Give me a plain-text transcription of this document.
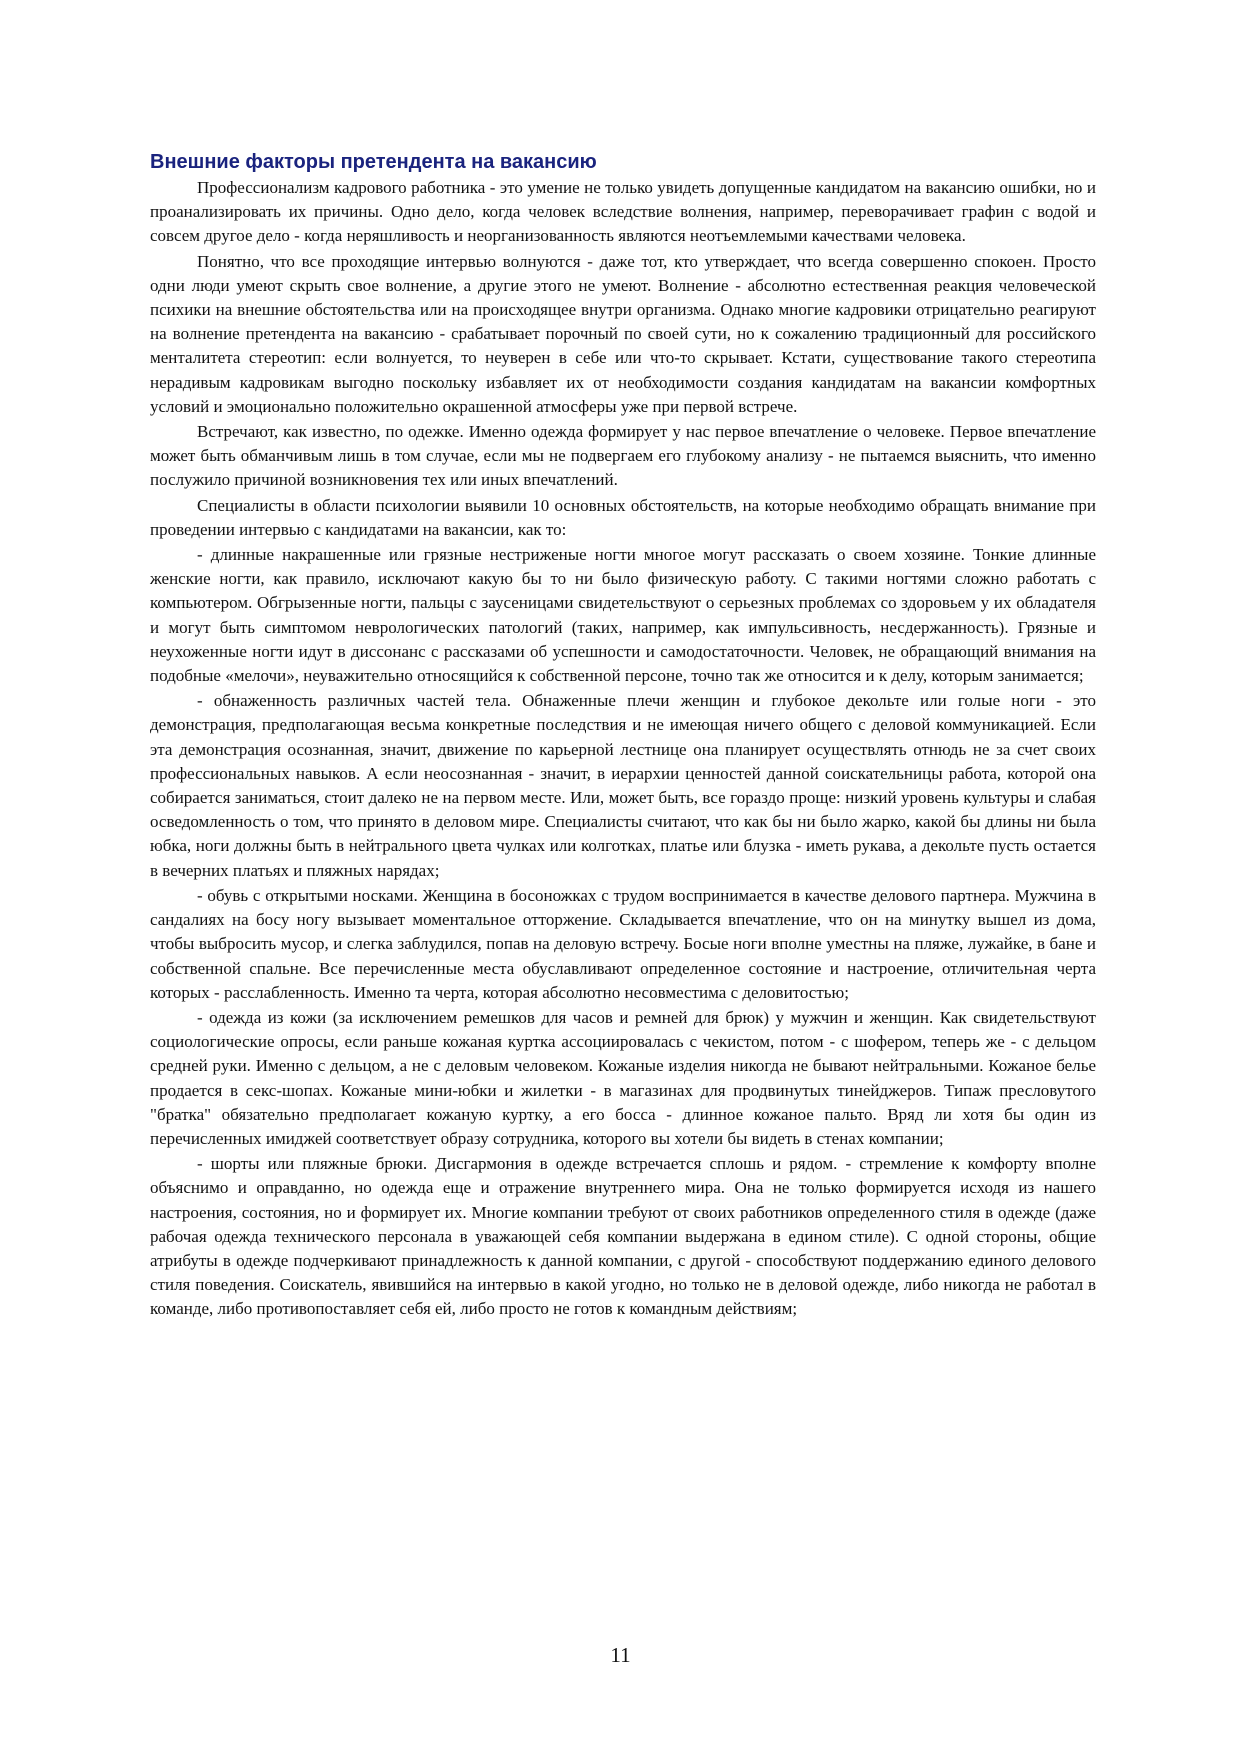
Внешние факторы претендента на вакансию

Профессионализм кадрового работника - это умение не только увидеть допущенные кандидатом на вакансию ошибки, но и проанализировать их причины. Одно дело, когда человек вследствие волнения, например, переворачивает графин с водой и совсем другое дело - когда неряшливость и неорганизованность являются неотъемлемыми качествами человека.

Понятно, что все проходящие интервью волнуются - даже тот, кто утверждает, что всегда совершенно спокоен. Просто одни люди умеют скрыть свое волнение, а другие этого не умеют. Волнение - абсолютно естественная реакция человеческой психики на внешние обстоятельства или на происходящее внутри организма. Однако многие кадровики отрицательно реагируют на волнение претендента на вакансию - срабатывает порочный по своей сути, но к сожалению традиционный для российского менталитета стереотип: если волнуется, то неуверен в себе или что-то скрывает. Кстати, существование такого стереотипа нерадивым кадровикам выгодно поскольку избавляет их от необходимости создания кандидатам на вакансии комфортных условий и эмоционально положительно окрашенной атмосферы уже при первой встрече.

Встречают, как известно, по одежке. Именно одежда формирует у нас первое впечатление о человеке. Первое впечатление может быть обманчивым лишь в том случае, если мы не подвергаем его глубокому анализу - не пытаемся выяснить, что именно послужило причиной возникновения тех или иных впечатлений.

Специалисты в области психологии выявили 10 основных обстоятельств, на которые необходимо обращать внимание при проведении интервью с кандидатами на вакансии, как то:

- длинные накрашенные или грязные нестриженые ногти многое могут рассказать о своем хозяине. Тонкие длинные женские ногти, как правило, исключают какую бы то ни было физическую работу. С такими ногтями сложно работать с компьютером. Обгрызенные ногти, пальцы с заусеницами свидетельствуют о серьезных проблемах со здоровьем у их обладателя и могут быть симптомом неврологических патологий (таких, например, как импульсивность, несдержанность). Грязные и неухоженные ногти идут в диссонанс с рассказами об успешности и самодостаточности. Человек, не обращающий внимания на подобные «мелочи», неуважительно относящийся к собственной персоне, точно так же относится и к делу, которым занимается;

- обнаженность различных частей тела. Обнаженные плечи женщин и глубокое декольте или голые ноги - это демонстрация, предполагающая весьма конкретные последствия и не имеющая ничего общего с деловой коммуникацией. Если эта демонстрация осознанная, значит, движение по карьерной лестнице она планирует осуществлять отнюдь не за счет своих профессиональных навыков. А если неосознанная - значит, в иерархии ценностей данной соискательницы работа, которой она собирается заниматься, стоит далеко не на первом месте. Или, может быть, все гораздо проще: низкий уровень культуры и слабая осведомленность о том, что принято в деловом мире. Специалисты считают, что как бы ни было жарко, какой бы длины ни была юбка, ноги должны быть в нейтрального цвета чулках или колготках, платье или блузка - иметь рукава, а декольте пусть остается в вечерних платьях и пляжных нарядах;

- обувь с открытыми носками. Женщина в босоножках с трудом воспринимается в качестве делового партнера. Мужчина в сандалиях на босу ногу вызывает моментальное отторжение. Складывается впечатление, что он на минутку вышел из дома, чтобы выбросить мусор, и слегка заблудился, попав на деловую встречу. Босые ноги вполне уместны на пляже, лужайке, в бане и собственной спальне. Все перечисленные места обуславливают определенное состояние и настроение, отличительная черта которых - расслабленность. Именно та черта, которая абсолютно несовместима с деловитостью;

- одежда из кожи (за исключением ремешков для часов и ремней для брюк) у мужчин и женщин. Как свидетельствуют социологические опросы, если раньше кожаная куртка ассоциировалась с чекистом, потом - с шофером, теперь же - с дельцом средней руки. Именно с дельцом, а не с деловым человеком. Кожаные изделия никогда не бывают нейтральными. Кожаное белье продается в секс-шопах. Кожаные мини-юбки и жилетки - в магазинах для продвинутых тинейджеров. Типаж пресловутого "братка" обязательно предполагает кожаную куртку, а его босса - длинное кожаное пальто. Вряд ли хотя бы один из перечисленных имиджей соответствует образу сотрудника, которого вы хотели бы видеть в стенах компании;

- шорты или пляжные брюки. Дисгармония в одежде встречается сплошь и рядом. - стремление к комфорту вполне объяснимо и оправданно, но одежда еще и отражение внутреннего мира. Она не только формируется исходя из нашего настроения, состояния, но и формирует их. Многие компании требуют от своих работников определенного стиля в одежде (даже рабочая одежда технического персонала в уважающей себя компании выдержана в едином стиле). С одной стороны, общие атрибуты в одежде подчеркивают принадлежность к данной компании, с другой - способствуют поддержанию единого делового стиля поведения. Соискатель, явившийся на интервью в какой угодно, но только не в деловой одежде, либо никогда не работал в команде, либо противопоставляет себя ей, либо просто не готов к командным действиям;

11
